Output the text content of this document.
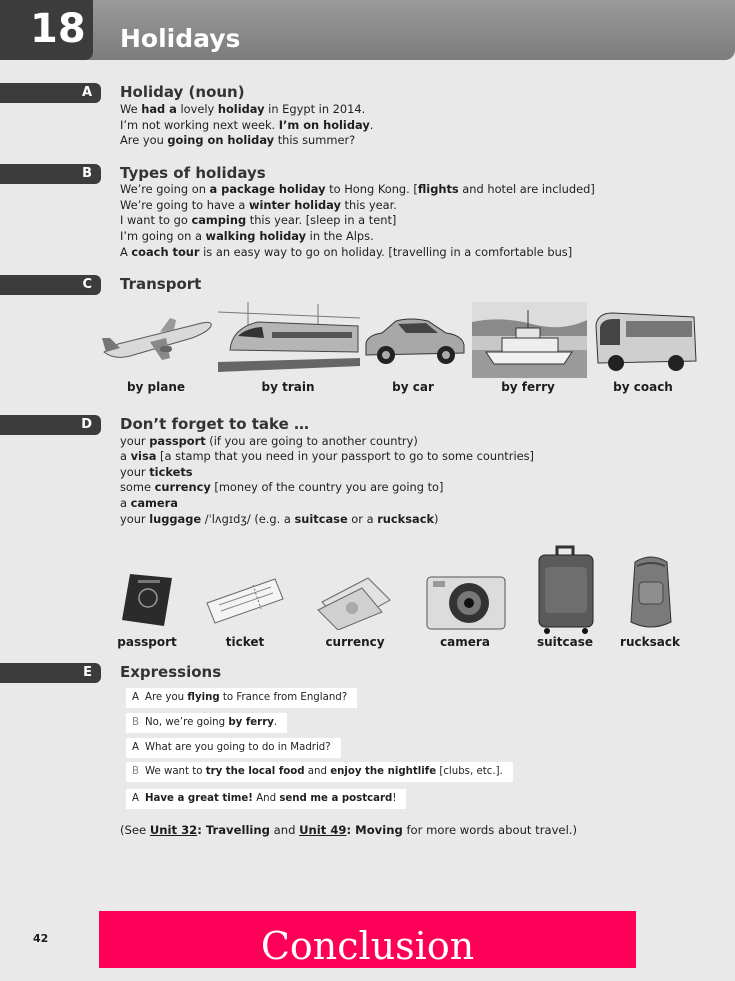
18 Holidays
A Holiday (noun)
We had a lovely holiday in Egypt in 2014.
I’m not working next week. I’m on holiday.
Are you going on holiday this summer?
B Types of holidays
We’re going on a package holiday to Hong Kong. [flights and hotel are included]
We’re going to have a winter holiday this year.
I want to go camping this year. [sleep in a tent]
I’m going on a walking holiday in the Alps.
A coach tour is an easy way to go on holiday. [travelling in a comfortable bus]
C Transport
by plane	by train	by car	by ferry	by coach
D Don’t forget to take …
your passport (if you are going to another country)
a visa [a stamp that you need in your passport to go to some countries]
your tickets
some currency [money of the country you are going to]
a camera
your luggage /ˈlʌgɪdʒ/ (e.g. a suitcase or a rucksack)
passport	ticket	currency	camera	suitcase rucksack
E Expressions
A Are you flying to France from England?
B No, we’re going by ferry.
A What are you going to do in Madrid?
B We want to try the local food and enjoy the nightlife [clubs, etc.].
A Have a great time! And send me a postcard!
(See Unit 32: Travelling and Unit 49: Moving for more words about travel.)
42	Conclusion
